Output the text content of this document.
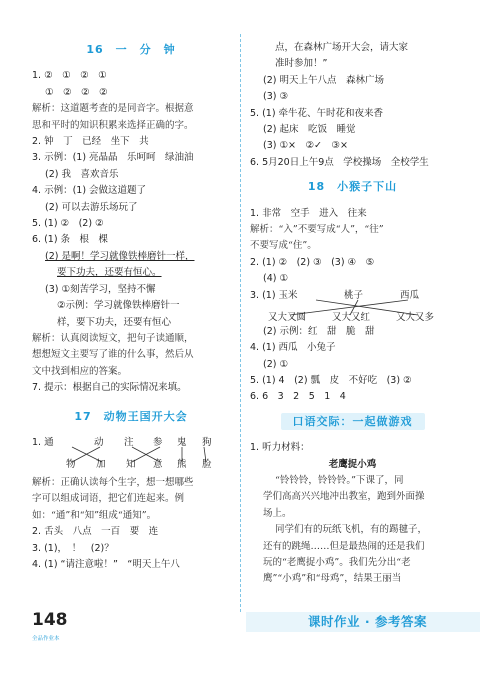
16　一　分　钟
1. ②　①　②　①
①　②　②　②
解析：这道题考查的是同音字。根据意
思和平时的知识积累来选择正确的字。
2. 钟　丁　已经　坐下　共
3. 示例：(1) 亮晶晶　乐呵呵　绿油油
(2) 我　喜欢音乐
4. 示例：(1) 会做这道题了
(2) 可以去游乐场玩了
5. (1) ②　(2) ②
6. (1) 条　根　棵
(2) 是啊！学习就像铁棒磨针一样，
要下功夫，还要有恒心。
(3) ①刻苦学习，坚持不懈
②示例：学习就像铁棒磨针一
样，要下功夫，还要有恒心
解析：认真阅读短文，把句子读通顺，
想想短文主要写了谁的什么事，然后从
文中找到相应的答案。
7. 提示：根据自己的实际情况来填。
17　动物王国开大会
1. 通	动 注 参 鬼 狗
物 加 知 意 熊 脸
解析：正确认读每个生字，想一想哪些
字可以组成词语，把它们连起来。例
如：“通”和“知”组成“通知”。
2. 舌头　八点　一百　要　连
3. (1)，　！　(2)？
4. (1) “请注意啦！”　“明天上午八
点，在森林广场开大会，请大家
准时参加！”
(2) 明天上午八点　森林广场
(3) ③
5. (1) 牵牛花、午时花和夜来香
(2) 起床　吃饭　睡觉
(3) ①×　②✓　③×
6. 5月20日上午9点　学校操场　全校学生
18　小猴子下山
1. 非常　空手　进入　往来
解析：“入”不要写成“人”，“往”
不要写成“住”。
2. (1) ②　(2) ③　(3) ④　⑤
(4) ①
3. (1) 玉米	桃子	西瓜
又大又圆	又大又红	又大又多
(2) 示例：红　甜　脆　甜
4. (1) 西瓜　小兔子
(2) ①
5. (1) 4　(2) 瓢　皮　不好吃　(3) ②
6. 6　3　2　5　1　4
口语交际：一起做游戏
1. 听力材料：
老鹰捉小鸡
“铃铃铃，铃铃铃。”下课了，同
学们高高兴兴地冲出教室，跑到外面操
场上。
同学们有的玩纸飞机，有的踢毽子，
还有的跳绳……但是最热闹的还是我们
玩的“老鹰捉小鸡”。我们先分出“老
鹰”“小鸡”和“母鸡”，结果王丽当
148
全品作业本
课时作业 · 参考答案
